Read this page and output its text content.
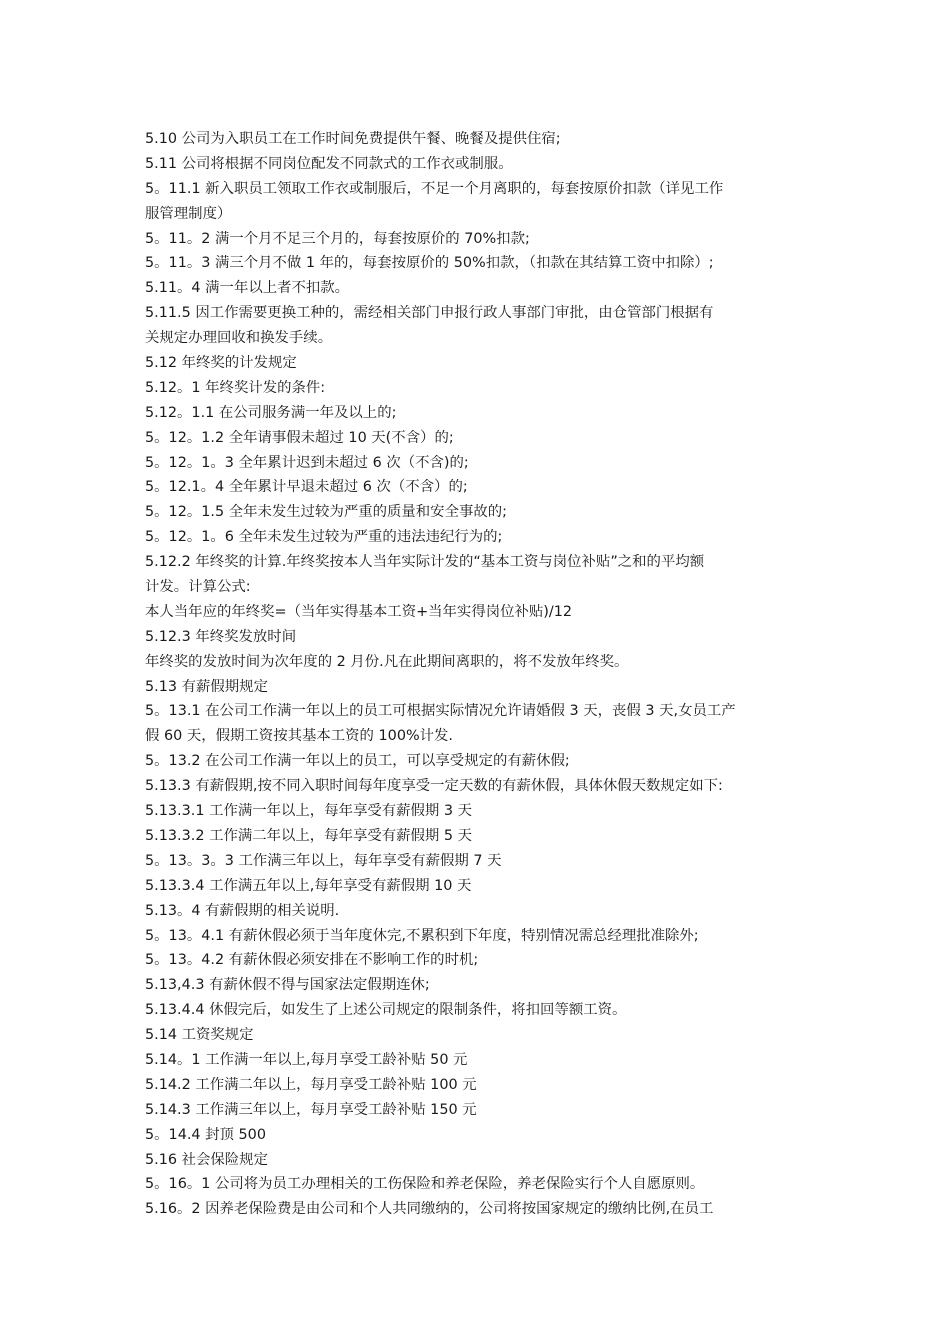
5.10 公司为入职员工在工作时间免费提供午餐、晚餐及提供住宿;
5.11 公司将根据不同岗位配发不同款式的工作衣或制服。
5。11.1 新入职员工领取工作衣或制服后，不足一个月离职的，每套按原价扣款（详见工作
服管理制度）
5。11。2 满一个月不足三个月的，每套按原价的 70%扣款;
5。11。3 满三个月不做 1 年的，每套按原价的 50%扣款，（扣款在其结算工资中扣除）;
5.11。4 满一年以上者不扣款。
5.11.5 因工作需要更换工种的，需经相关部门申报行政人事部门审批，由仓管部门根据有
关规定办理回收和换发手续。
5.12 年终奖的计发规定
5.12。1 年终奖计发的条件:
5.12。1.1 在公司服务满一年及以上的;
5。12。1.2 全年请事假未超过 10 天(不含）的;
5。12。1。3 全年累计迟到未超过 6 次（不含)的;
5。12.1。4 全年累计早退未超过 6 次（不含）的;
5。12。1.5 全年未发生过较为严重的质量和安全事故的;
5。12。1。6 全年未发生过较为严重的违法违纪行为的;
5.12.2 年终奖的计算.年终奖按本人当年实际计发的“基本工资与岗位补贴”之和的平均额
计发。计算公式:
本人当年应的年终奖=（当年实得基本工资+当年实得岗位补贴)/12
5.12.3 年终奖发放时间
年终奖的发放时间为次年度的 2 月份.凡在此期间离职的，将不发放年终奖。
5.13 有薪假期规定
5。13.1 在公司工作满一年以上的员工可根据实际情况允许请婚假 3 天，丧假 3 天,女员工产
假 60 天，假期工资按其基本工资的 100%计发.
5。13.2 在公司工作满一年以上的员工，可以享受规定的有薪休假;
5.13.3 有薪假期,按不同入职时间每年度享受一定天数的有薪休假，具体休假天数规定如下:
5.13.3.1 工作满一年以上，每年享受有薪假期 3 天
5.13.3.2 工作满二年以上，每年享受有薪假期 5 天
5。13。3。3 工作满三年以上，每年享受有薪假期 7 天
5.13.3.4 工作满五年以上,每年享受有薪假期 10 天
5.13。4 有薪假期的相关说明.
5。13。4.1 有薪休假必须于当年度休完,不累积到下年度，特别情况需总经理批准除外;
5。13。4.2 有薪休假必须安排在不影响工作的时机;
5.13,4.3 有薪休假不得与国家法定假期连休;
5.13.4.4 休假完后，如发生了上述公司规定的限制条件，将扣回等额工资。
5.14 工资奖规定
5.14。1 工作满一年以上,每月享受工龄补贴 50 元
5.14.2 工作满二年以上，每月享受工龄补贴 100 元
5.14.3 工作满三年以上，每月享受工龄补贴 150 元
5。14.4 封顶 500
5.16 社会保险规定
5。16。1 公司将为员工办理相关的工伤保险和养老保险，养老保险实行个人自愿原则。
5.16。2 因养老保险费是由公司和个人共同缴纳的，公司将按国家规定的缴纳比例,在员工
